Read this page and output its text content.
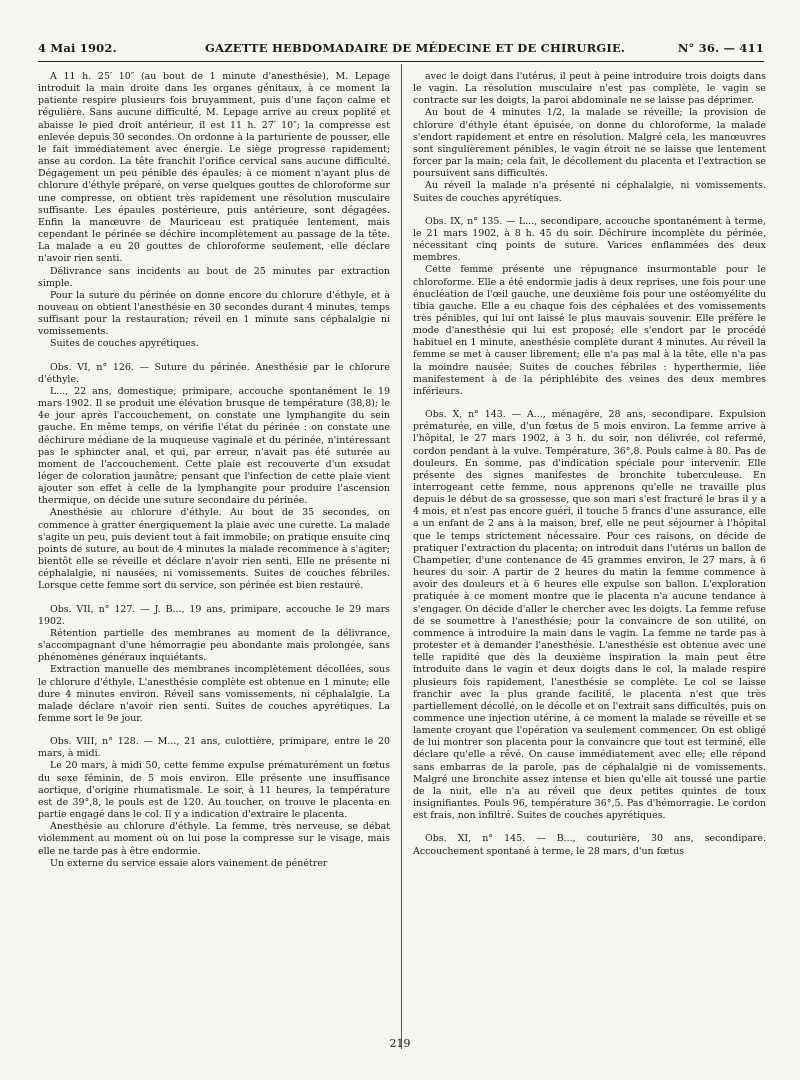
4 Mai 1902.	GAZETTE HEBDOMADAIRE DE MÉDECINE ET DE CHIRURGIE.	N° 36. — 411

A 11 h. 25′ 10″ (au bout de 1 minute d'anesthésie), M. Lepage introduit la main droite dans les organes génitaux, à ce moment la patiente respire plusieurs fois bruyamment, puis d'une façon calme et régulière. Sans aucune difficulté, M. Lepage arrive au creux poplité et abaisse le pied droit antérieur, il est 11 h. 27′ 10″; la compresse est enlevée depuis 30 secondes. On ordonne à la parturiente de pousser, elle le fait immédiatement avec énergie. Le siège progresse rapidement; anse au cordon. La tête franchit l'orifice cervical sans aucune difficulté. Dégagement un peu pénible des épaules; à ce moment n'ayant plus de chlorure d'éthyle préparé, on verse quelques gouttes de chloroforme sur une compresse, on obtient très rapidement une résolution musculaire suffisante. Les épaules postérieure, puis antérieure, sont dégagées. Enfin la manœuvre de Mauriceau est pratiquée lentement, mais cependant le périnée se déchire incomplètement au passage de la tête. La malade a eu 20 gouttes de chloroforme seulement, elle déclare n'avoir rien senti.

Délivrance sans incidents au bout de 25 minutes par extraction simple.

Pour la suture du périnée on donne encore du chlorure d'éthyle, et à nouveau on obtient l'anesthésie en 30 secondes durant 4 minutes, temps suffisant pour la restauration; réveil en 1 minute sans céphalalgie ni vomissements.

Suites de couches apyrétiques.

Obs. VI, n° 126. — Suture du périnée. Anesthésie par le chlorure d'éthyle.

L..., 22 ans, domestique, primipare, accouche spontanément le 19 mars 1902. Il se produit une élévation brusque de température (38,8); le 4e jour après l'accouchement, on constate une lymphangite du sein gauche. En même temps, on vérifie l'état du périnée : on constate une déchirure médiane de la muqueuse vaginale et du périnée, n'intéressant pas le sphincter anal, et qui, par erreur, n'avait pas été suturée au moment de l'accouchement. Cette plaie est recouverte d'un exsudat léger de coloration jaunâtre; pensant que l'infection de cette plaie vient ajouter son effet à celle de la lymphangite pour produire l'ascension thermique, on décide une suture secondaire du périnée.

Anesthésie au chlorure d'éthyle. Au bout de 35 secondes, on commence à gratter énergiquement la plaie avec une curette. La malade s'agite un peu, puis devient tout à fait immobile; on pratique ensuite cinq points de suture, au bout de 4 minutes la malade recommence à s'agiter; bientôt elle se réveille et déclare n'avoir rien senti. Elle ne présente ni céphalalgie, ni nausées, ni vomissements. Suites de couches fébriles. Lorsque cette femme sort du service, son périnée est bien restauré.

Obs. VII, n° 127. — J. B..., 19 ans, primipare, accouche le 29 mars 1902.

Rétention partielle des membranes au moment de la délivrance, s'accompagnant d'une hémorragie peu abondante mais prolongée, sans phénomènes généraux inquiétants.

Extraction manuelle des membranes incomplètement décollées, sous le chlorure d'éthyle. L'anesthésie complète est obtenue en 1 minute; elle dure 4 minutes environ. Réveil sans vomissements, ni céphalalgie. La malade déclare n'avoir rien senti. Suites de couches apyrétiques. La femme sort le 9e jour.

Obs. VIII, n° 128. — M..., 21 ans, culottière, primipare, entre le 20 mars, à midi.

Le 20 mars, à midi 50, cette femme expulse prématurément un fœtus du sexe féminin, de 5 mois environ. Elle présente une insuffisance aortique, d'origine rhumatismale. Le soir, à 11 heures, la température est de 39°,8, le pouls est de 120. Au toucher, on trouve le placenta en partie engagé dans le col. Il y a indication d'extraire le placenta.

Anesthésie au chlorure d'éthyle. La femme, très nerveuse, se débat violemment au moment où on lui pose la compresse sur le visage, mais elle ne tarde pas à être endormie.

Un externe du service essaie alors vainement de pénétrer

avec le doigt dans l'utérus, il peut à peine introduire trois doigts dans le vagin. La résolution musculaire n'est pas complète, le vagin se contracte sur les doigts, la paroi abdominale ne se laisse pas déprimer.

Au bout de 4 minutes 1/2, la malade se réveille; la provision de chlorure d'éthyle étant épuisée, on donne du chloroforme, la malade s'endort rapidement et entre en résolution. Malgré cela, les manœuvres sont singulièrement pénibles, le vagin étroit ne se laisse que lentement forcer par la main; cela fait, le décollement du placenta et l'extraction se poursuivent sans difficultés.

Au réveil la malade n'a présenté ni céphalalgie, ni vomissements. Suites de couches apyrétiques.

Obs. IX, n° 135. — L..., secondipare, accouche spontanément à terme, le 21 mars 1902, à 8 h. 45 du soir. Déchirure incomplète du périnée, nécessitant cinq points de suture. Varices enflammées des deux membres.

Cette femme présente une répugnance insurmontable pour le chloroforme. Elle a été endormie jadis à deux reprises, une fois pour une énucléation de l'œil gauche, une deuxième fois pour une ostéomyélite du tibia gauche. Elle a eu chaque fois des céphalées et des vomissements très pénibles, qui lui ont laissé le plus mauvais souvenir. Elle préfère le mode d'anesthésie qui lui est proposé; elle s'endort par le procédé habituel en 1 minute, anesthésie complète durant 4 minutes. Au réveil la femme se met à causer librement; elle n'a pas mal à la tête, elle n'a pas la moindre nausée. Suites de couches fébriles : hyperthermie, liée manifestement à de la périphlébite des veines des deux membres inférieurs.

Obs. X, n° 143. — A..., ménagère, 28 ans, secondipare. Expulsion prématurée, en ville, d'un fœtus de 5 mois environ. La femme arrive à l'hôpital, le 27 mars 1902, à 3 h. du soir, non délivrée, col refermé, cordon pendant à la vulve. Température, 36°,8. Pouls calme à 80. Pas de douleurs. En somme, pas d'indication spéciale pour intervenir. Elle présente des signes manifestes de bronchite tuberculeuse. En interrogeant cette femme, nous apprenons qu'elle ne travaille plus depuis le début de sa grossesse, que son mari s'est fracturé le bras il y a 4 mois, et n'est pas encore guéri, il touche 5 francs d'une assurance, elle a un enfant de 2 ans à la maison, bref, elle ne peut séjourner à l'hôpital que le temps strictement nécessaire. Pour ces raisons, on décide de pratiquer l'extraction du placenta; on introduit dans l'utérus un ballon de Champetier, d'une contenance de 45 grammes environ, le 27 mars, à 6 heures du soir. A partir de 2 heures du matin la femme commence à avoir des douleurs et à 6 heures elle expulse son ballon. L'exploration pratiquée à ce moment montre que le placenta n'a aucune tendance à s'engager. On décide d'aller le chercher avec les doigts. La femme refuse de se soumettre à l'anesthésie; pour la convaincre de son utilité, on commence à introduire la main dans le vagin. La femme ne tarde pas à protester et à demander l'anesthésie. L'anesthésie est obtenue avec une telle rapidité que dès la deuxième inspiration la main peut être introduite dans le vagin et deux doigts dans le col, la malade respire plusieurs fois rapidement, l'anesthésie se complète. Le col se laisse franchir avec la plus grande facilité, le placenta n'est que très partiellement décollé, on le décolle et on l'extrait sans difficultés, puis on commence une injection utérine, à ce moment la malade se réveille et se lamente croyant que l'opération va seulement commencer. On est obligé de lui montrer son placenta pour la convaincre que tout est terminé, elle déclare qu'elle a rêvé. On cause immédiatement avec elle; elle répond sans embarras de la parole, pas de céphalalgie ni de vomissements. Malgré une bronchite assez intense et bien qu'elle ait toussé une partie de la nuit, elle n'a au réveil que deux petites quintes de toux insignifiantes. Pouls 96, température 36°,5. Pas d'hémorragie. Le cordon est frais, non infiltré. Suites de couches apyrétiques.

Obs. XI, n° 145. — B..., couturière, 30 ans, secondipare. Accouchement spontané à terme, le 28 mars, d'un fœtus

219
